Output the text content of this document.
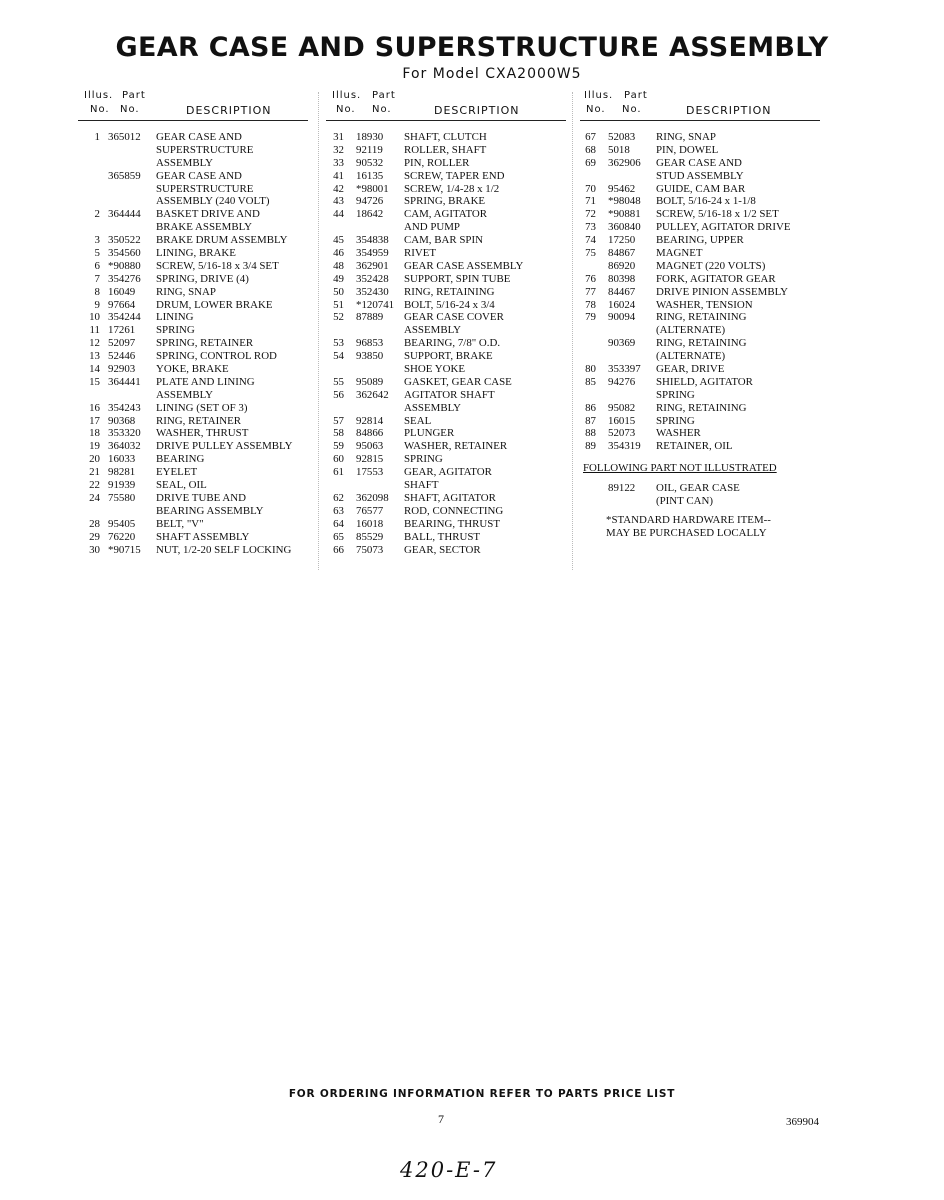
GEAR CASE AND SUPERSTRUCTURE ASSEMBLY
For Model CXA2000W5
Illus. Part
No. No.	DESCRIPTION
1 365012 GEAR CASE AND
SUPERSTRUCTURE
ASSEMBLY
365859 GEAR CASE AND
SUPERSTRUCTURE
ASSEMBLY (240 VOLT)
2 364444 BASKET DRIVE AND
BRAKE ASSEMBLY
3 350522 BRAKE DRUM ASSEMBLY
5 354560 LINING, BRAKE
6 *90880 SCREW, 5/16-18 x 3/4 SET
7 354276 SPRING, DRIVE (4)
8 16049 RING, SNAP
9 97664 DRUM, LOWER BRAKE
10 354244 LINING
11 17261 SPRING
12 52097 SPRING, RETAINER
13 52446 SPRING, CONTROL ROD
14 92903 YOKE, BRAKE
15 364441 PLATE AND LINING
ASSEMBLY
16 354243 LINING (SET OF 3)
17 90368 RING, RETAINER
18 353320 WASHER, THRUST
19 364032 DRIVE PULLEY ASSEMBLY
20 16033 BEARING
21 98281 EYELET
22 91939 SEAL, OIL
24 75580 DRIVE TUBE AND
BEARING ASSEMBLY
28 95405 BELT, "V"
29 76220 SHAFT ASSEMBLY
30 *90715 NUT, 1/2-20 SELF LOCKING
Illus. Part
No. No.	DESCRIPTION
31 18930 SHAFT, CLUTCH
32 92119 ROLLER, SHAFT
33 90532 PIN, ROLLER
41 16135 SCREW, TAPER END
42 *98001 SCREW, 1/4-28 x 1/2
43 94726 SPRING, BRAKE
44 18642 CAM, AGITATOR
AND PUMP
45 354838 CAM, BAR SPIN
46 354959 RIVET
48 362901 GEAR CASE ASSEMBLY
49 352428 SUPPORT, SPIN TUBE
50 352430 RING, RETAINING
51 *120741 BOLT, 5/16-24 x 3/4
52 87889 GEAR CASE COVER
ASSEMBLY
53 96853 BEARING, 7/8" O.D.
54 93850 SUPPORT, BRAKE
SHOE YOKE
55 95089 GASKET, GEAR CASE
56 362642 AGITATOR SHAFT
ASSEMBLY
57 92814 SEAL
58 84866 PLUNGER
59 95063 WASHER, RETAINER
60 92815 SPRING
61 17553 GEAR, AGITATOR
SHAFT
62 362098 SHAFT, AGITATOR
63 76577 ROD, CONNECTING
64 16018 BEARING, THRUST
65 85529 BALL, THRUST
66 75073 GEAR, SECTOR
Illus. Part
No. No.	DESCRIPTION
67 52083 RING, SNAP
68 5018 PIN, DOWEL
69 362906 GEAR CASE AND
STUD ASSEMBLY
70 95462 GUIDE, CAM BAR
71 *98048 BOLT, 5/16-24 x 1-1/8
72 *90881 SCREW, 5/16-18 x 1/2 SET
73 360840 PULLEY, AGITATOR DRIVE
74 17250 BEARING, UPPER
75 84867 MAGNET
86920 MAGNET (220 VOLTS)
76 80398 FORK, AGITATOR GEAR
77 84467 DRIVE PINION ASSEMBLY
78 16024 WASHER, TENSION
79 90094 RING, RETAINING
(ALTERNATE)
90369 RING, RETAINING
(ALTERNATE)
80 353397 GEAR, DRIVE
85 94276 SHIELD, AGITATOR
SPRING
86 95082 RING, RETAINING
87 16015 SPRING
88 52073 WASHER
89 354319 RETAINER, OIL
FOLLOWING PART NOT ILLUSTRATED
89122 OIL, GEAR CASE
(PINT CAN)
*STANDARD HARDWARE ITEM--
MAY BE PURCHASED LOCALLY
FOR ORDERING INFORMATION REFER TO PARTS PRICE LIST
7	369904
420-E-7
